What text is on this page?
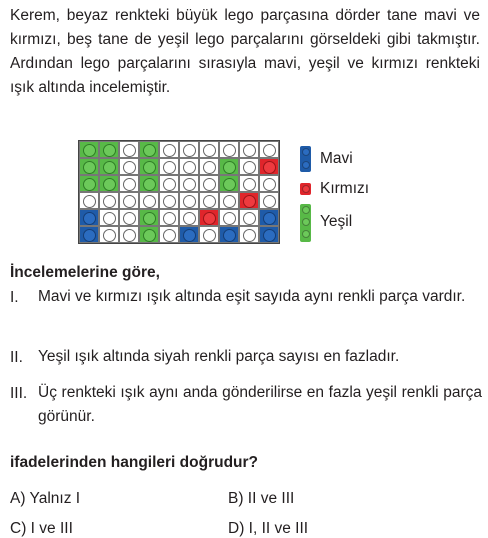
Kerem, beyaz renkteki büyük lego parçasına dörder tane mavi ve kırmızı, beş tane de yeşil lego parçalarını görseldeki gibi takmıştır. Ardından lego parçalarını sırasıyla mavi, yeşil ve kırmızı renkteki ışık altında incelemiştir.

Mavi
Kırmızı
Yeşil

İncelemelerine göre,

I. Mavi ve kırmızı ışık altında eşit sayıda aynı renkli parça vardır.
II. Yeşil ışık altında siyah renkli parça sayısı en fazladır.
III. Üç renkteki ışık aynı anda gönderilirse en fazla yeşil renkli parça görünür.

ifadelerinden hangileri doğrudur?

A) Yalnız I	B) II ve III
C) I ve III	D) I, II ve III
